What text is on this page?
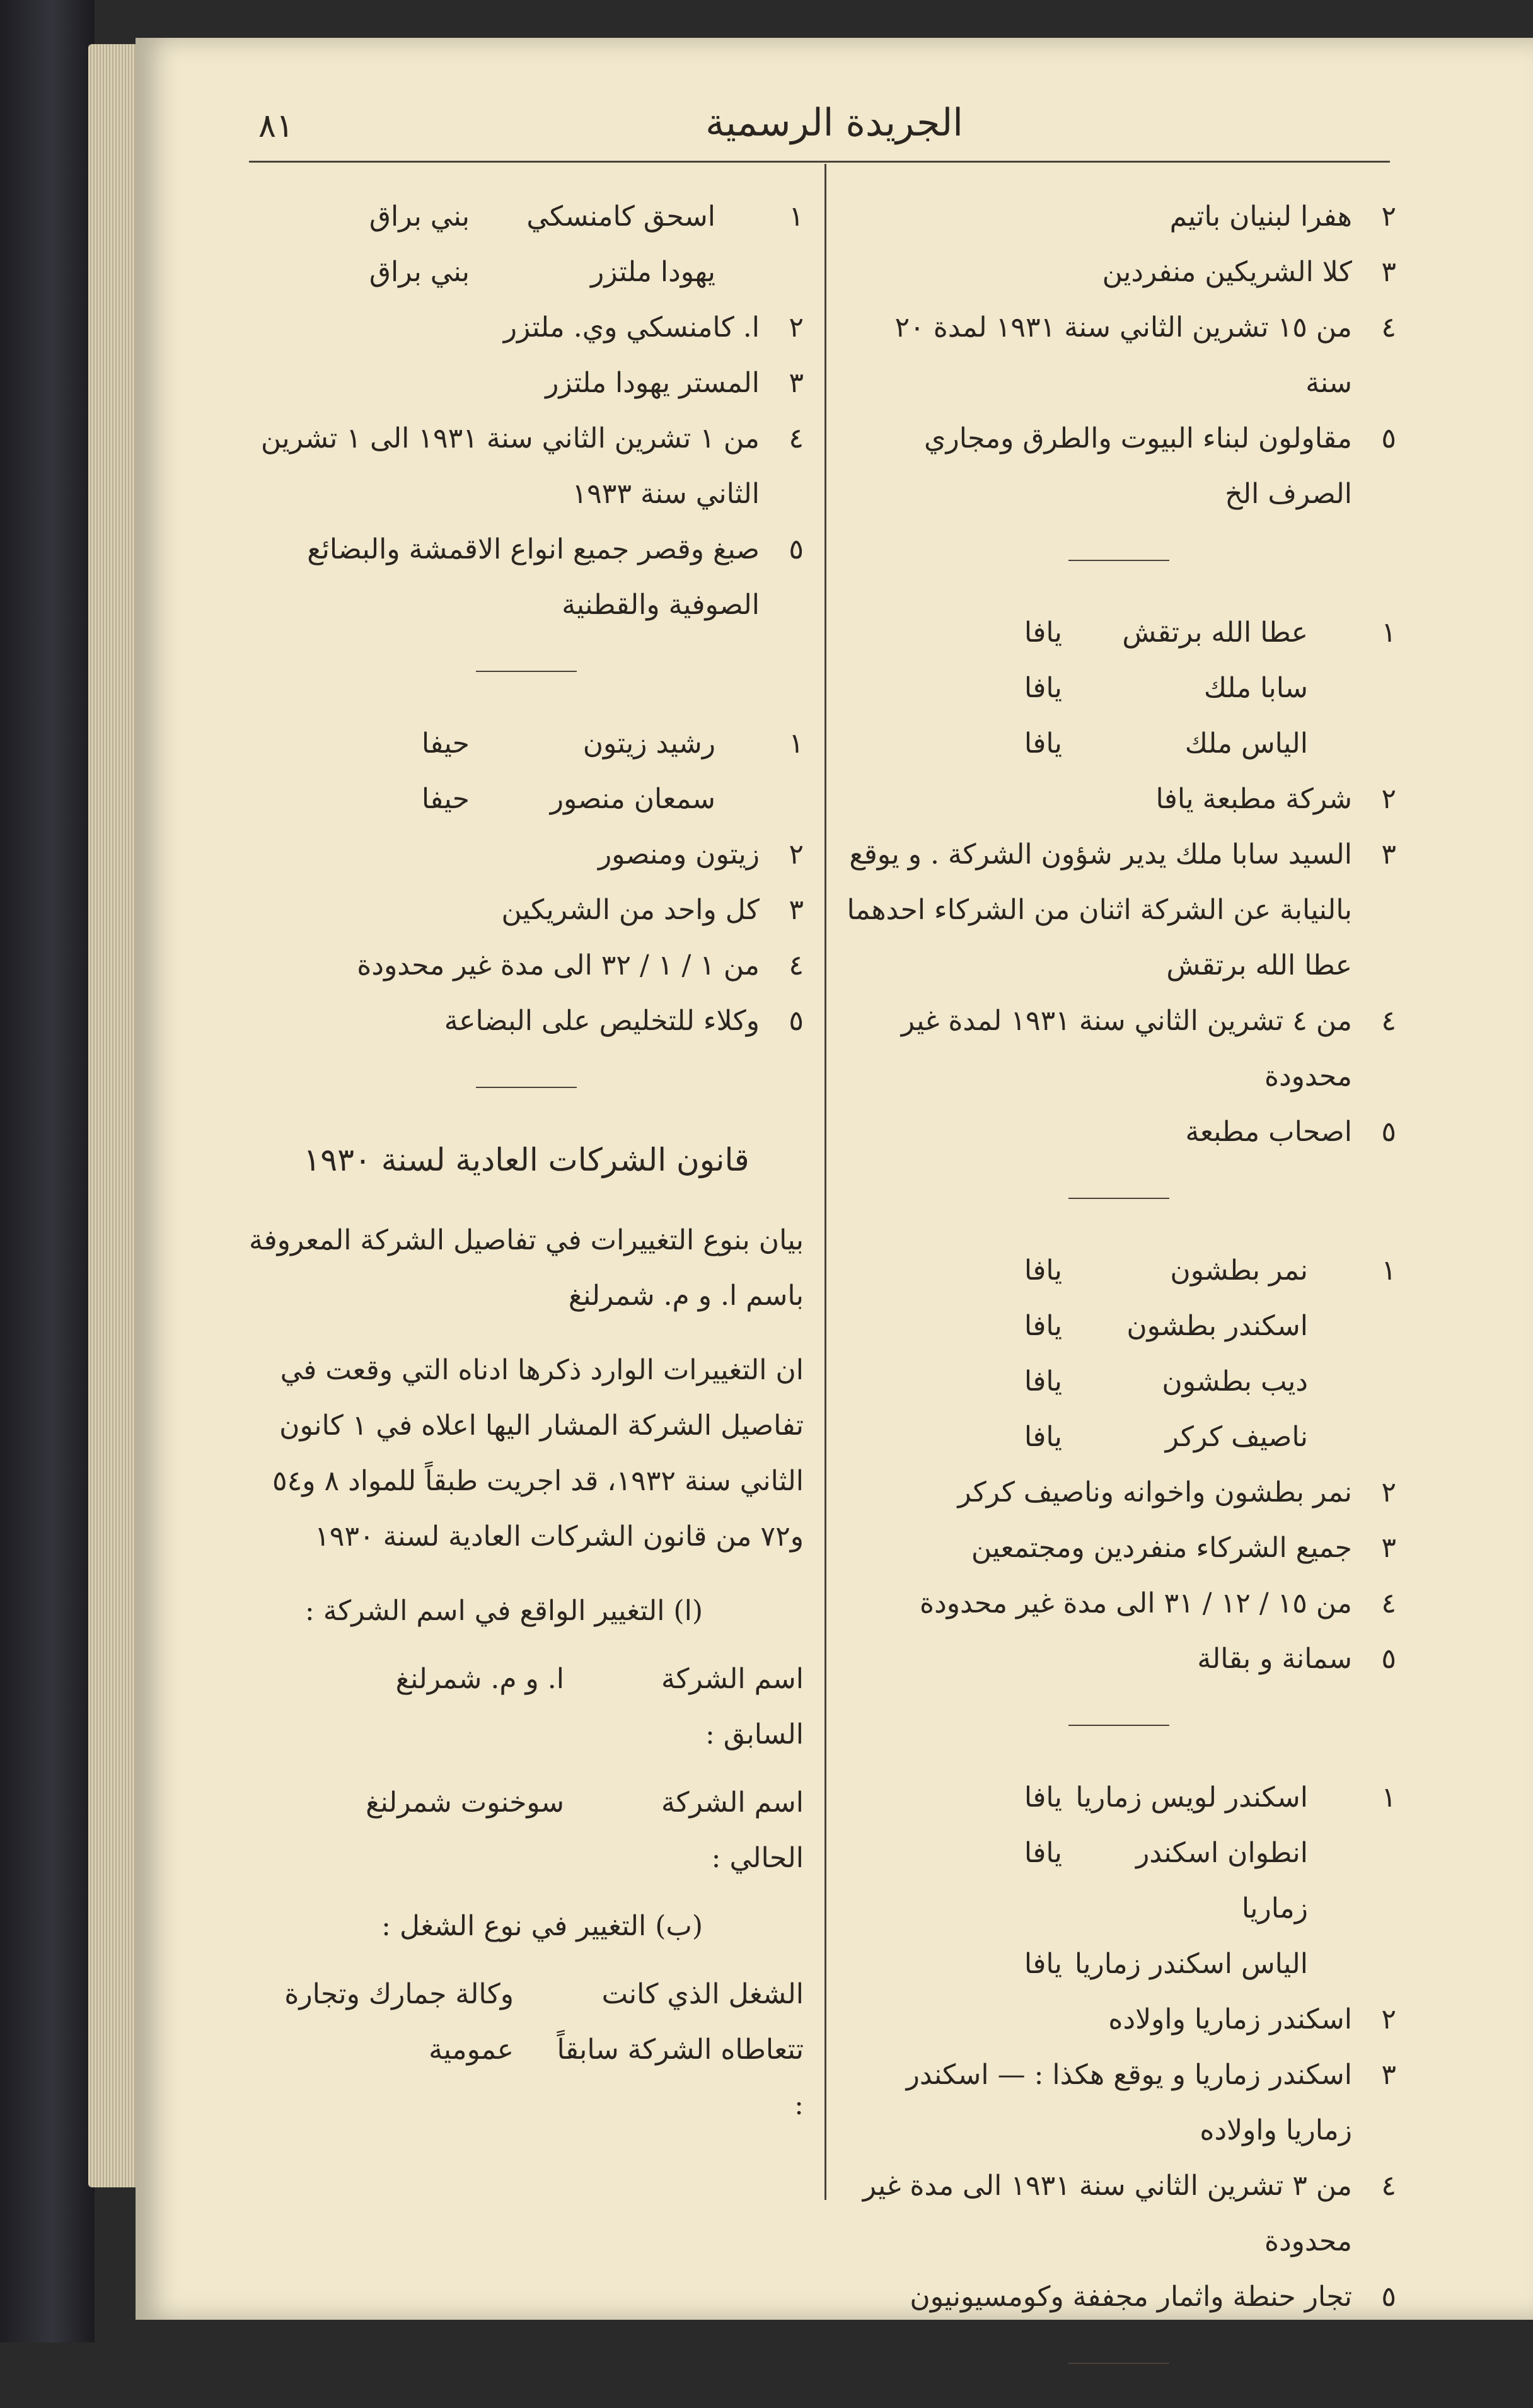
٨١	الجريدة الرسمية
٢
هفرا لبنيان باتيم
٣
كلا الشريكين منفردين
٤
من ١٥ تشرين الثاني سنة ١٩٣١ لمدة ٢٠ سنة
٥
مقاولون لبناء البيوت والطرق ومجاري الصرف الخ
١
عطا الله برتقش
يافا
سابا ملك
يافا
الياس ملك
يافا
٢
شركة مطبعة يافا
٣
السيد سابا ملك يدير شؤون الشركة . و يوقع بالنيابة عن الشركة اثنان من الشركاء احدهما عطا الله برتقش
٤
من ٤ تشرين الثاني سنة ١٩٣١ لمدة غير محدودة
٥
اصحاب مطبعة
١
نمر بطشون
يافا
اسكندر بطشون
يافا
ديب بطشون
يافا
ناصيف كركر
يافا
٢
نمر بطشون واخوانه وناصيف كركر
٣
جميع الشركاء منفردين ومجتمعين
٤
من ١٥ / ١٢ / ٣١ الى مدة غير محدودة
٥
سمانة و بقالة
١
اسكندر لويس زماريا
يافا
انطوان اسكندر زماريا
يافا
الياس اسكندر زماريا
يافا
٢
اسكندر زماريا واولاده
٣
اسكندر زماريا و يوقع هكذا : — اسكندر زماريا واولاده
٤
من ٣ تشرين الثاني سنة ١٩٣١ الى مدة غير محدودة
٥
تجار حنطة واثمار مجففة وكومسيونيون
١
اسحق كامنسكي
بني براق
يهودا ملتزر
بني براق
٢
ا. كامنسكي وي. ملتزر
٣
المستر يهودا ملتزر
٤
من ١ تشرين الثاني سنة ١٩٣١ الى ١ تشرين الثاني سنة ١٩٣٣
٥
صبغ وقصر جميع انواع الاقمشة والبضائع الصوفية والقطنية
١
رشيد زيتون
حيفا
سمعان منصور
حيفا
٢
زيتون ومنصور
٣
كل واحد من الشريكين
٤
من ١ / ١ / ٣٢ الى مدة غير محدودة
٥
وكلاء للتخليص على البضاعة
قانون الشركات العادية لسنة ١٩٣٠
بيان بنوع التغييرات في تفاصيل الشركة المعروفة باسم ا. و م. شمرلنغ
ان التغييرات الوارد ذكرها ادناه التي وقعت في تفاصيل الشركة المشار اليها اعلاه في ١ كانون الثاني سنة ١٩٣٢، قد اجريت طبقاً للمواد ٨ و٥٤ و٧٢ من قانون الشركات العادية لسنة ١٩٣٠
(ا) التغيير الواقع في اسم الشركة :
اسم الشركة السابق :
ا. و م. شمرلنغ
اسم الشركة الحالي :
سوخنوت شمرلنغ
(ب) التغيير في نوع الشغل :
الشغل الذي كانت تتعاطاه الشركة سابقاً :
وكالة جمارك وتجارة عمومية
